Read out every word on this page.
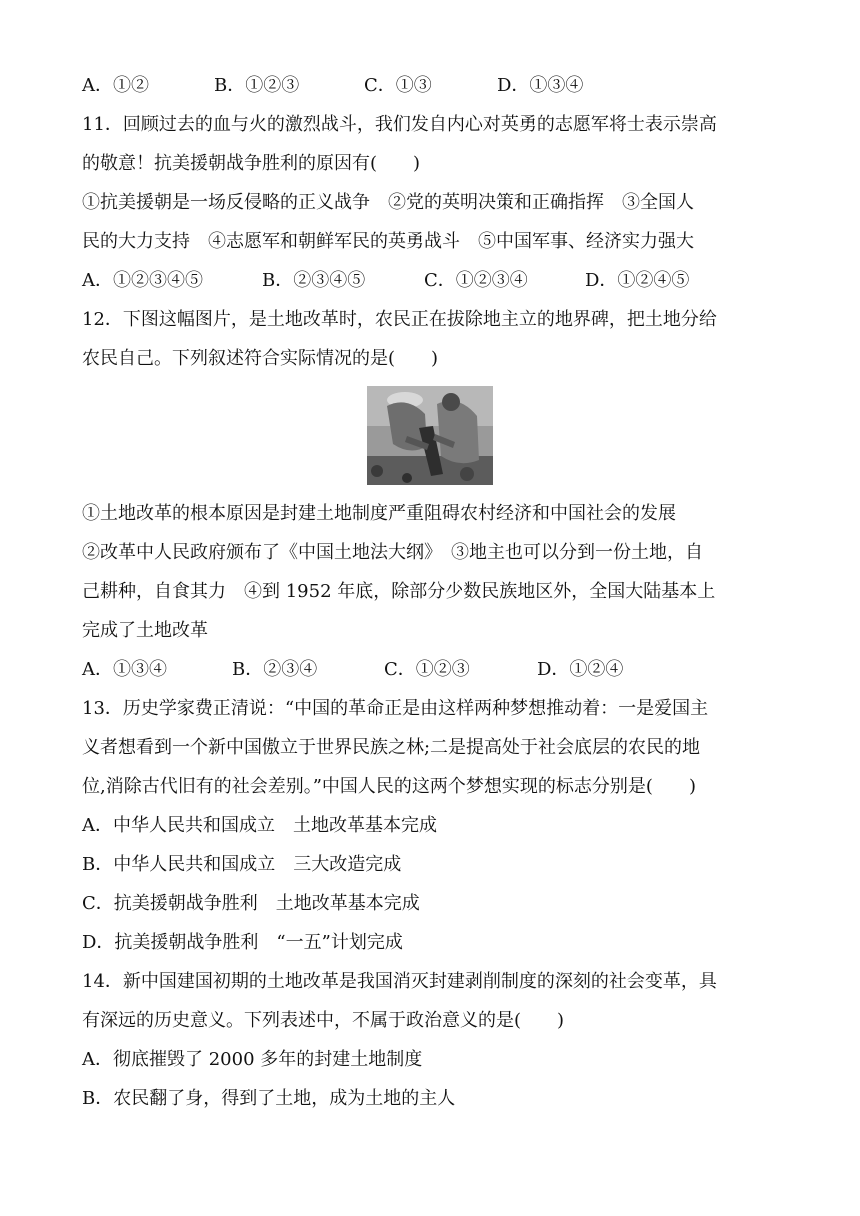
A．①②	B．①②③	C．①③	D．①③④
11．回顾过去的血与火的激烈战斗，我们发自内心对英勇的志愿军将士表示崇高
的敬意！抗美援朝战争胜利的原因有(　　)
①抗美援朝是一场反侵略的正义战争　②党的英明决策和正确指挥　③全国人
民的大力支持　④志愿军和朝鲜军民的英勇战斗　⑤中国军事、经济实力强大
A．①②③④⑤	B．②③④⑤	C．①②③④	D．①②④⑤
12．下图这幅图片，是土地改革时，农民正在拔除地主立的地界碑，把土地分给
农民自己。下列叙述符合实际情况的是(　　)
①土地改革的根本原因是封建土地制度严重阻碍农村经济和中国社会的发展
②改革中人民政府颁布了《中国土地法大纲》　③地主也可以分到一份土地，自
己耕种，自食其力　④到 1952 年底，除部分少数民族地区外，全国大陆基本上
完成了土地改革
A．①③④	B．②③④	C．①②③	D．①②④
13．历史学家费正清说：“中国的革命正是由这样两种梦想推动着：一是爱国主
义者想看到一个新中国傲立于世界民族之林;二是提高处于社会底层的农民的地
位,消除古代旧有的社会差别。”中国人民的这两个梦想实现的标志分别是(　　)
A．中华人民共和国成立　土地改革基本完成
B．中华人民共和国成立　三大改造完成
C．抗美援朝战争胜利　土地改革基本完成
D．抗美援朝战争胜利　“一五”计划完成
14．新中国建国初期的土地改革是我国消灭封建剥削制度的深刻的社会变革，具
有深远的历史意义。下列表述中，不属于政治意义的是(　　)
A．彻底摧毁了 2000 多年的封建土地制度
B．农民翻了身，得到了土地，成为土地的主人
